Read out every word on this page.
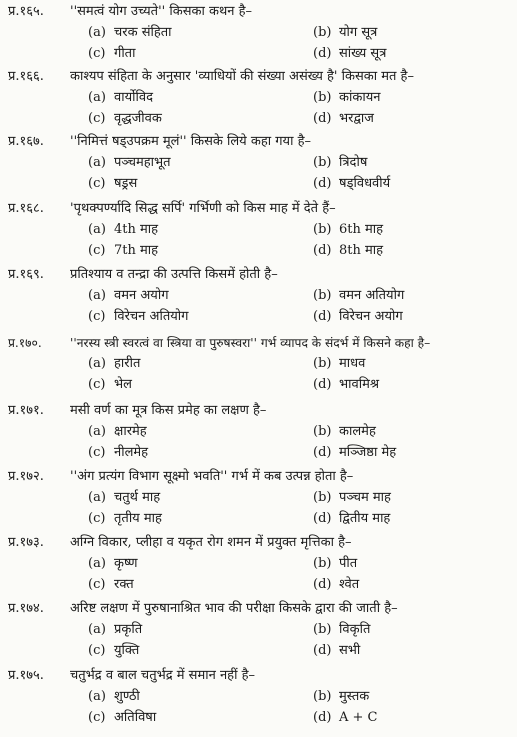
प्र.१६५. ''समत्वं योग उच्यते'' किसका कथन है–
(a) चरक संहिता	(b) योग सूत्र
(c) गीता	(d) सांख्य सूत्र
प्र.१६६. काश्यप संहिता के अनुसार 'व्याधियों की संख्या असंख्य है' किसका मत है–
(a) वार्योविद	(b) कांकायन
(c) वृद्धजीवक	(d) भरद्वाज
प्र.१६७. ''निमित्तं षड्उपक्रम मूलं'' किसके लिये कहा गया है–
(a) पञ्चमहाभूत	(b) त्रिदोष
(c) षड्रस	(d) षड्विधवीर्य
प्र.१६८. 'पृथक्पर्ण्यादि सिद्ध सर्पि' गर्भिणी को किस माह में देते हैं–
(a) 4th माह	(b) 6th माह
(c) 7th माह	(d) 8th माह
प्र.१६९. प्रतिश्याय व तन्द्रा की उत्पत्ति किसमें होती है–
(a) वमन अयोग	(b) वमन अतियोग
(c) विरेचन अतियोग	(d) विरेचन अयोग
प्र.१७०. ''नरस्य स्त्री स्वरत्वं वा स्त्रिया वा पुरुषस्वरा'' गर्भ व्यापद के संदर्भ में किसने कहा है–
(a) हारीत	(b) माधव
(c) भेल	(d) भावमिश्र
प्र.१७१. मसी वर्ण का मूत्र किस प्रमेह का लक्षण है–
(a) क्षारमेह	(b) कालमेह
(c) नीलमेह	(d) मञ्जिष्ठा मेह
प्र.१७२. ''अंग प्रत्यंग विभाग सूक्ष्मो भवति'' गर्भ में कब उत्पन्न होता है–
(a) चतुर्थ माह	(b) पञ्चम माह
(c) तृतीय माह	(d) द्वितीय माह
प्र.१७३. अग्नि विकार, प्लीहा व यकृत रोग शमन में प्रयुक्त मृत्तिका है–
(a) कृष्ण	(b) पीत
(c) रक्त	(d) श्वेत
प्र.१७४. अरिष्ट लक्षण में पुरुषानाश्रित भाव की परीक्षा किसके द्वारा की जाती है–
(a) प्रकृति	(b) विकृति
(c) युक्ति	(d) सभी
प्र.१७५. चतुर्भद्र व बाल चतुर्भद्र में समान नहीं है–
(a) शुण्ठी	(b) मुस्तक
(c) अतिविषा	(d) A + C
